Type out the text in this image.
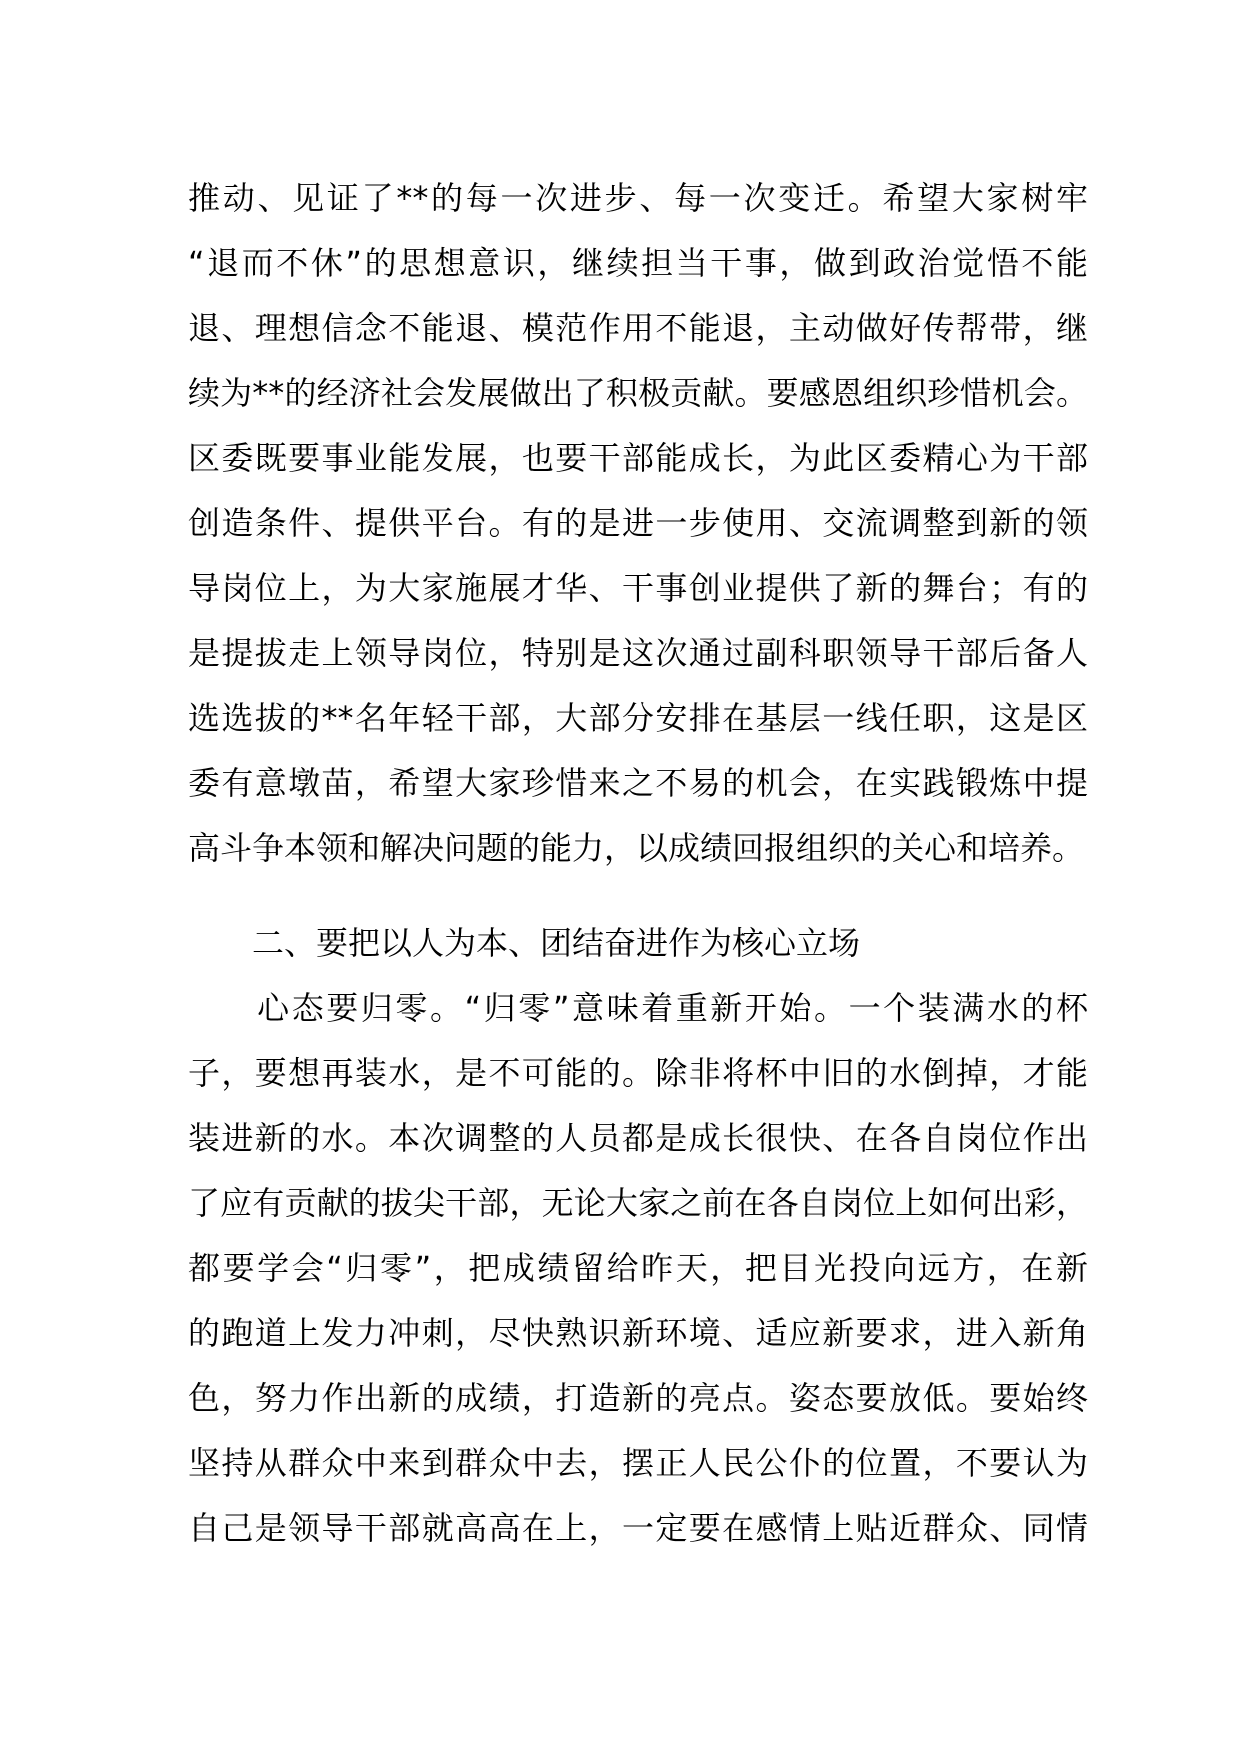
推动、见证了**的每一次进步、每一次变迁。希望大家树牢
“退而不休”的思想意识，继续担当干事，做到政治觉悟不能
退、理想信念不能退、模范作用不能退，主动做好传帮带，继
续为**的经济社会发展做出了积极贡献。要感恩组织珍惜机会。
区委既要事业能发展，也要干部能成长，为此区委精心为干部
创造条件、提供平台。有的是进一步使用、交流调整到新的领
导岗位上，为大家施展才华、干事创业提供了新的舞台；有的
是提拔走上领导岗位，特别是这次通过副科职领导干部后备人
选选拔的**名年轻干部，大部分安排在基层一线任职，这是区
委有意墩苗，希望大家珍惜来之不易的机会，在实践锻炼中提
高斗争本领和解决问题的能力，以成绩回报组织的关心和培养。
　　二、要把以人为本、团结奋进作为核心立场
　　心态要归零。“归零”意味着重新开始。一个装满水的杯
子，要想再装水，是不可能的。除非将杯中旧的水倒掉，才能
装进新的水。本次调整的人员都是成长很快、在各自岗位作出
了应有贡献的拔尖干部，无论大家之前在各自岗位上如何出彩，
都要学会“归零”，把成绩留给昨天，把目光投向远方，在新
的跑道上发力冲刺，尽快熟识新环境、适应新要求，进入新角
色，努力作出新的成绩，打造新的亮点。姿态要放低。要始终
坚持从群众中来到群众中去，摆正人民公仆的位置，不要认为
自己是领导干部就高高在上，一定要在感情上贴近群众、同情
